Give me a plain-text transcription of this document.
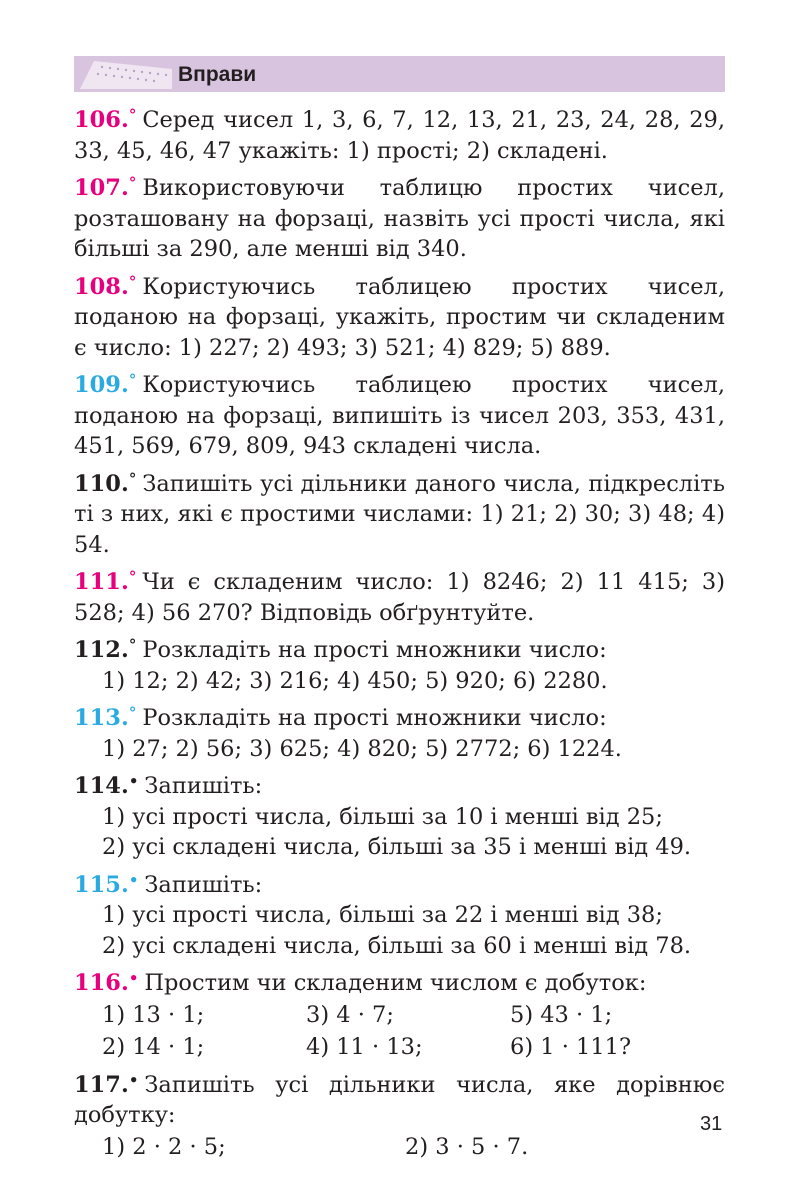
Вправи
106.° Серед чисел 1, 3, 6, 7, 12, 13, 21, 23, 24, 28, 29, 33, 45, 46, 47 укажіть: 1) прості; 2) складені.
107.° Використовуючи таблицю простих чисел, розташовану на форзаці, назвіть усі прості числа, які більші за 290, але менші від 340.
108.° Користуючись таблицею простих чисел, поданою на форзаці, укажіть, простим чи складеним є число: 1) 227; 2) 493; 3) 521; 4) 829; 5) 889.
109.° Користуючись таблицею простих чисел, поданою на форзаці, випишіть із чисел 203, 353, 431, 451, 569, 679, 809, 943 складені числа.
110.° Запишіть усі дільники даного числа, підкресліть ті з них, які є простими числами: 1) 21; 2) 30; 3) 48; 4) 54.
111.° Чи є складеним число: 1) 8246; 2) 11 415; 3) 528; 4) 56 270? Відповідь обґрунтуйте.
112.° Розкладіть на прості множники число:
1) 12; 2) 42; 3) 216; 4) 450; 5) 920; 6) 2280.
113.° Розкладіть на прості множники число:
1) 27; 2) 56; 3) 625; 4) 820; 5) 2772; 6) 1224.
114.• Запишіть:
1) усі прості числа, більші за 10 і менші від 25;
2) усі складені числа, більші за 35 і менші від 49.
115.• Запишіть:
1) усі прості числа, більші за 22 і менші від 38;
2) усі складені числа, більші за 60 і менші від 78.
116.• Простим чи складеним числом є добуток:
1) 13 · 1;	3) 4 · 7;	5) 43 · 1;
2) 14 · 1;	4) 11 · 13;	6) 1 · 111?
117.• Запишіть усі дільники числа, яке дорівнює добутку:
1) 2 · 2 · 5;	2) 3 · 5 · 7.
31
